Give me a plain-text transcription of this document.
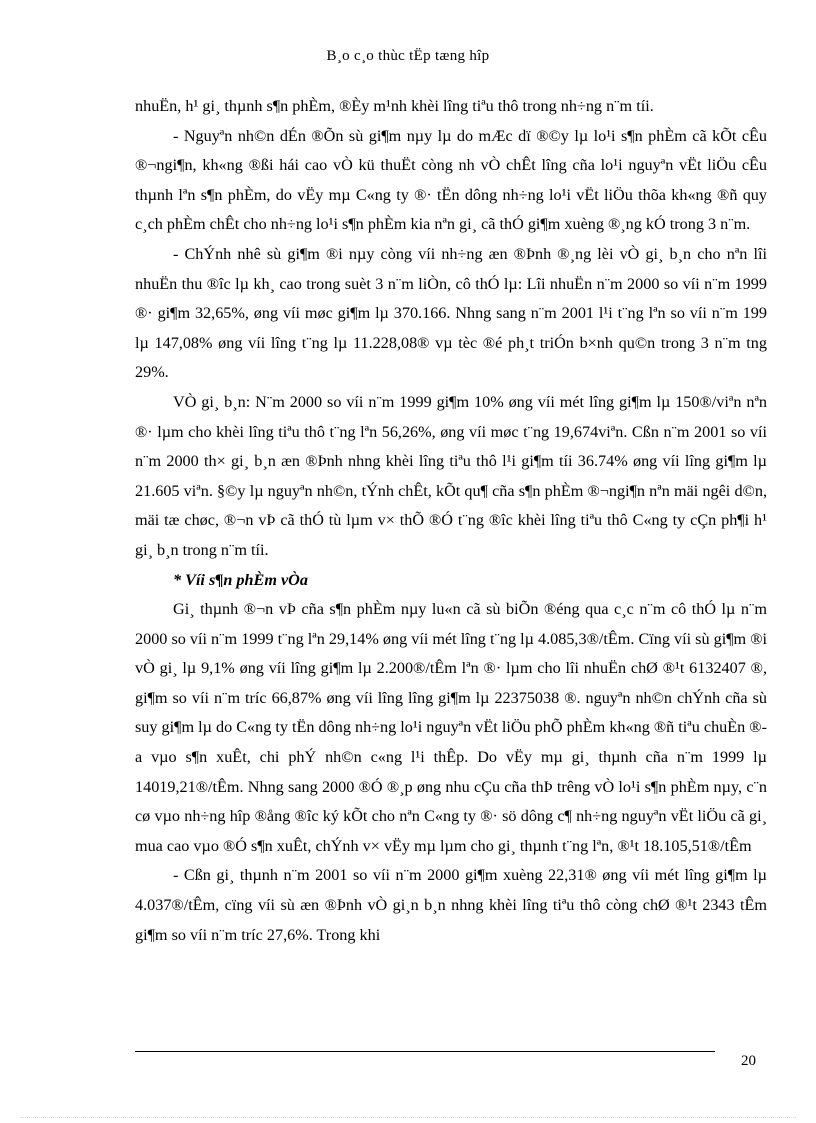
B¸o c¸o thùc tËp tæng hîp

nhuËn, h¹ gi¸ thµnh s¶n phÈm, ®Èy m¹nh khèi lîng tiªu thô trong nh÷ng n¨m tíi.

- Nguyªn nh©n dÉn ®Õn sù gi¶m nµy lµ do mÆc dï ®©y lµ lo¹i s¶n phÈm cã kÕt cÊu ®¬ngi¶n, kh«ng ®ßi hái cao vÒ kü thuËt còng nh vÒ chÊt lîng cña lo¹i nguyªn vËt liÖu cÊu thµnh lªn s¶n phÈm, do vËy mµ C«ng ty ®· tËn dông nh÷ng lo¹i vËt liÖu thõa kh«ng ®ñ quy c¸ch phÈm chÊt cho nh÷ng lo¹i s¶n phÈm kia nªn gi¸ cã thÓ gi¶m xuèng ®¸ng kÓ trong 3 n¨m.

- ChÝnh nhê sù gi¶m ®i nµy còng víi nh÷ng æn ®Þnh ®¸ng lèi vÒ gi¸ b¸n cho nªn lîi nhuËn thu ®îc lµ kh¸ cao trong suèt 3 n¨m liÒn, cô thÓ lµ: Lîi nhuËn n¨m 2000 so víi n¨m 1999 ®· gi¶m 32,65%, øng víi møc gi¶m lµ 370.166. Nhng sang n¨m 2001 l¹i t¨ng lªn so víi n¨m 199 lµ 147,08% øng víi lîng t¨ng lµ 11.228,08® vµ tèc ®é ph¸t triÓn b×nh qu©n trong 3 n¨m tng 29%.

VÒ gi¸ b¸n: N¨m 2000 so víi n¨m 1999 gi¶m 10% øng víi mét lîng gi¶m lµ 150®/viªn nªn ®· lµm cho khèi lîng tiªu thô t¨ng lªn 56,26%, øng víi møc t¨ng 19,674viªn. Cßn n¨m 2001 so víi n¨m 2000 th× gi¸ b¸n æn ®Þnh nhng khèi lîng tiªu thô l¹i gi¶m tíi 36.74% øng víi lîng gi¶m lµ 21.605 viªn. §©y lµ nguyªn nh©n, tÝnh chÊt, kÕt qu¶ cña s¶n phÈm ®¬ngi¶n nªn mäi ngêi d©n, mäi tæ chøc, ®¬n vÞ cã thÓ tù lµm v× thÕ ®Ó t¨ng ®îc khèi lîng tiªu thô C«ng ty cÇn ph¶i h¹ gi¸ b¸n trong n¨m tíi.

* Víi s¶n phÈm vÒa

Gi¸ thµnh ®¬n vÞ cña s¶n phÈm nµy lu«n cã sù biÕn ®éng qua c¸c n¨m cô thÓ lµ n¨m 2000 so víi n¨m 1999 t¨ng lªn 29,14% øng víi mét lîng t¨ng lµ 4.085,3®/tÊm. Cïng víi sù gi¶m ®i vÒ gi¸ lµ 9,1% øng víi lîng gi¶m lµ 2.200®/tÊm lªn ®· lµm cho lîi nhuËn chØ ®¹t 6132407 ®, gi¶m so víi n¨m tríc 66,87% øng víi lîng lîng gi¶m lµ 22375038 ®. nguyªn nh©n chÝnh cña sù suy gi¶m lµ do C«ng ty tËn dông nh÷ng lo¹i nguyªn vËt liÖu phÕ phÈm kh«ng ®ñ tiªu chuÈn ®a vµo s¶n xuÊt, chi phÝ nh©n c«ng l¹i thÊp. Do vËy mµ gi¸ thµnh cña n¨m 1999 lµ 14019,21®/tÊm. Nhng sang 2000 ®Ó ®¸p øng nhu cÇu cña thÞ trêng vÒ lo¹i s¶n phÈm nµy, c¨n cø vµo nh÷ng hîp ®ång ®îc ký kÕt cho nªn C«ng ty ®· sö dông c¶ nh÷ng nguyªn vËt liÖu cã gi¸ mua cao vµo ®Ó s¶n xuÊt, chÝnh v× vËy mµ lµm cho gi¸ thµnh t¨ng lªn, ®¹t 18.105,51®/tÊm

- Cßn gi¸ thµnh n¨m 2001 so víi n¨m 2000 gi¶m xuèng 22,31® øng víi mét lîng gi¶m lµ 4.037®/tÊm, cïng víi sù æn ®Þnh vÒ gi¸n b¸n nhng khèi lîng tiªu thô còng chØ ®¹t 2343 tÊm gi¶m so víi n¨m tríc 27,6%. Trong khi

20
